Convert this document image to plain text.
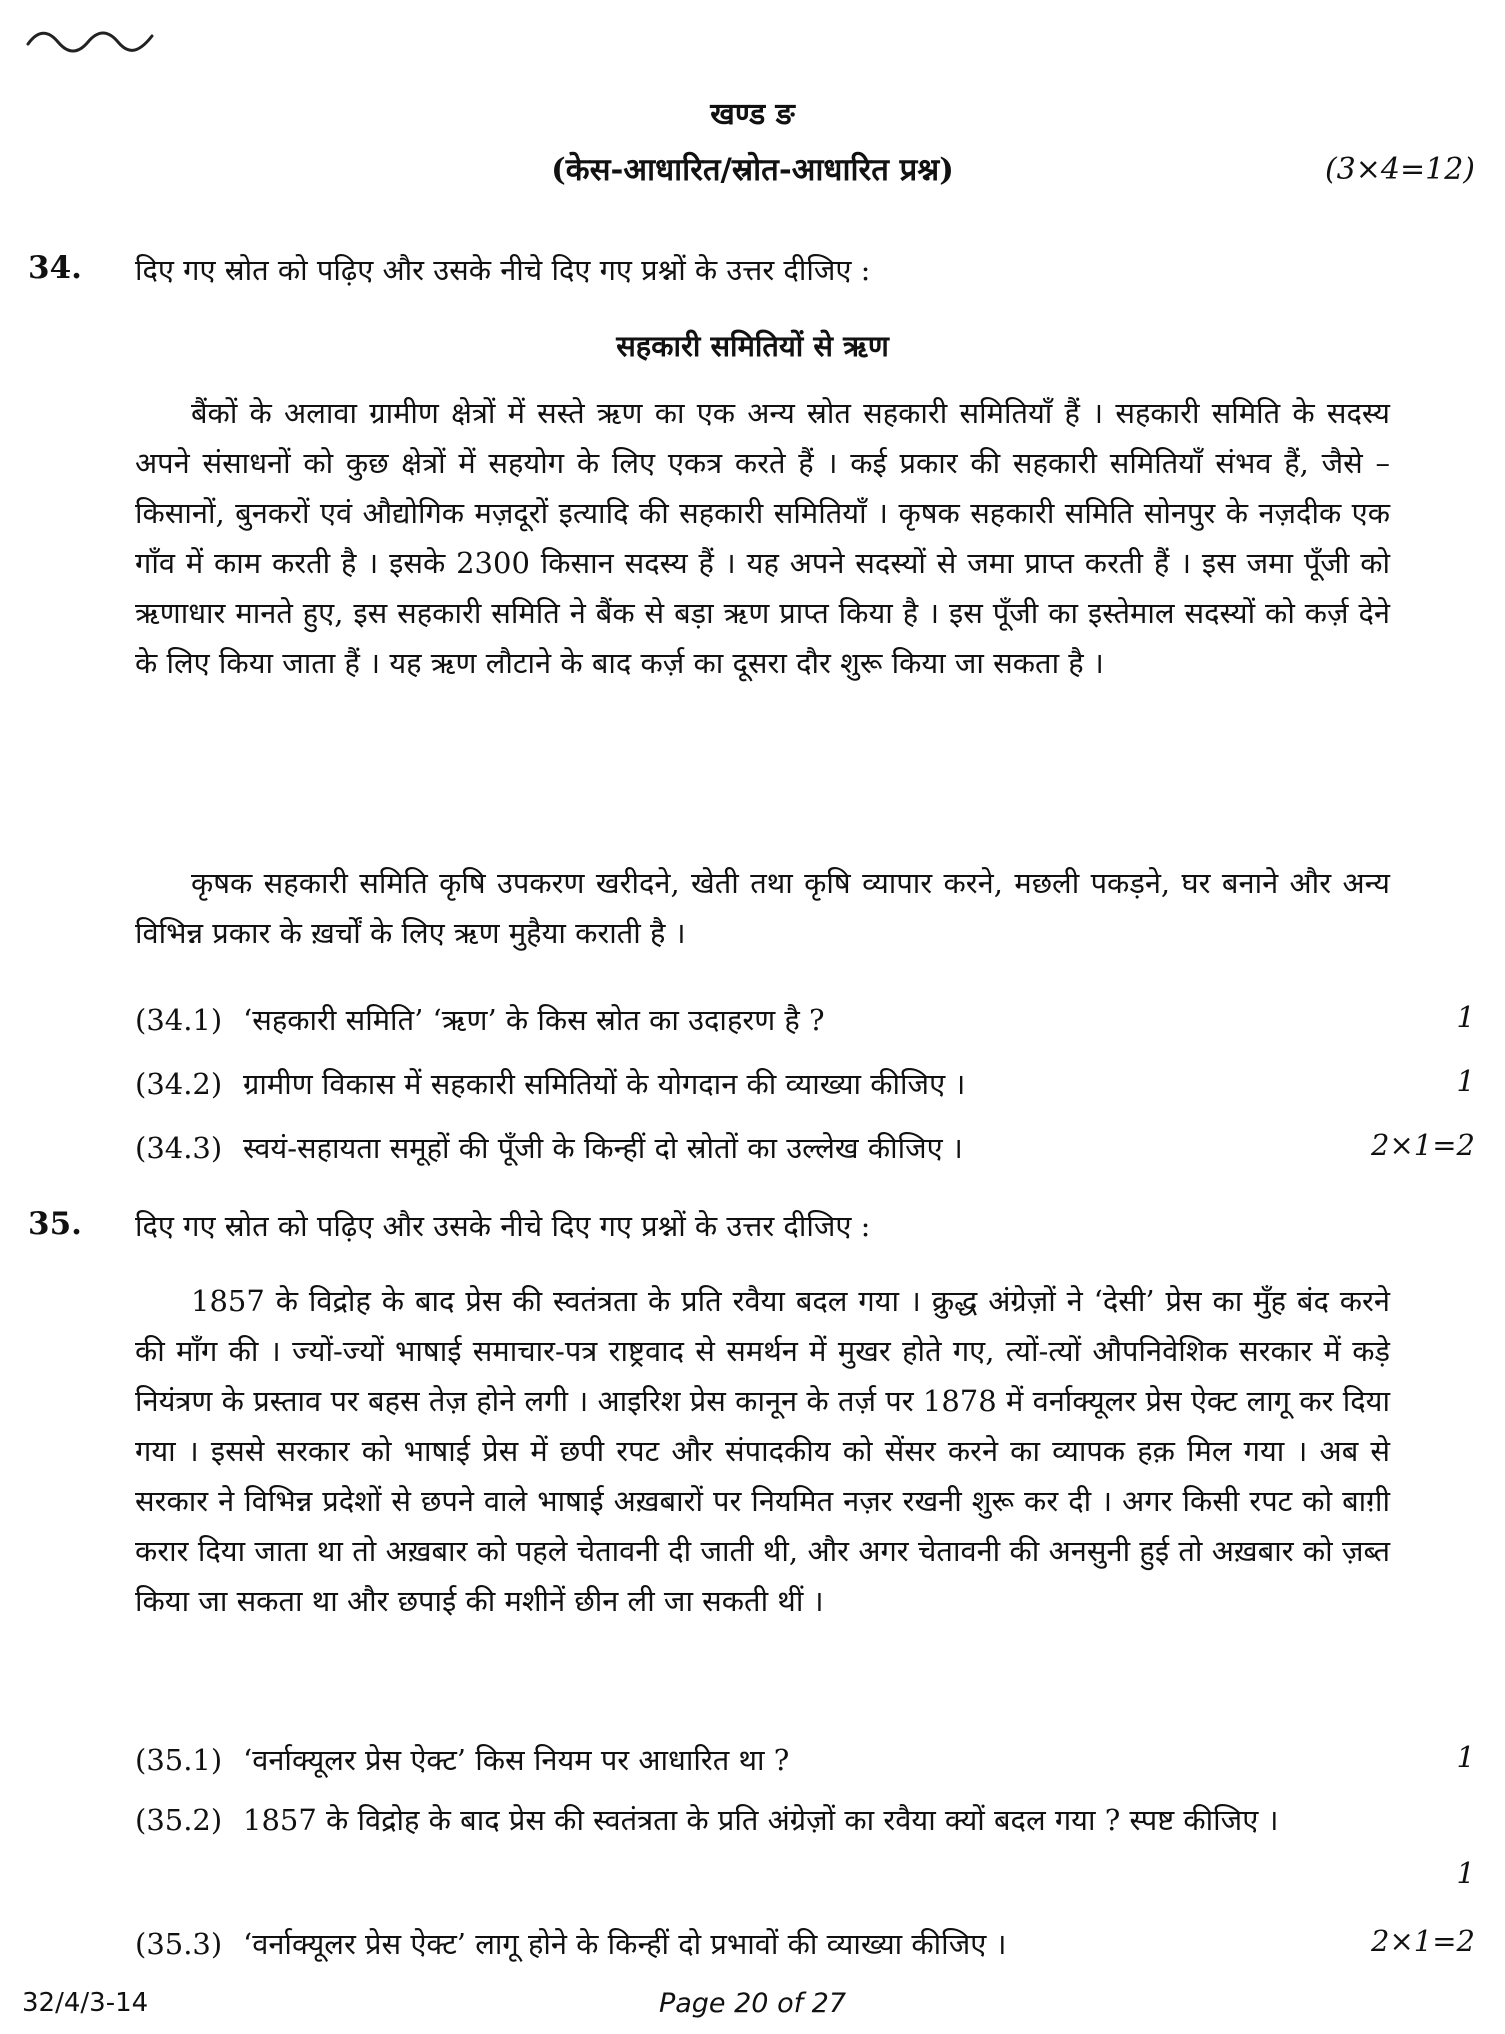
खण्ड ङ
(केस-आधारित/स्रोत-आधारित प्रश्न)	(3×4=12)
34. दिए गए स्रोत को पढ़िए और उसके नीचे दिए गए प्रश्नों के उत्तर दीजिए :
सहकारी समितियों से ऋण

बैंकों के अलावा ग्रामीण क्षेत्रों में सस्ते ऋण का एक अन्य स्रोत सहकारी समितियाँ हैं । सहकारी समिति के सदस्य अपने संसाधनों को कुछ क्षेत्रों में सहयोग के लिए एकत्र करते हैं । कई प्रकार की सहकारी समितियाँ संभव हैं, जैसे – किसानों, बुनकरों एवं औद्योगिक मज़दूरों इत्यादि की सहकारी समितियाँ । कृषक सहकारी समिति सोनपुर के नज़दीक एक गाँव में काम करती है । इसके 2300 किसान सदस्य हैं । यह अपने सदस्यों से जमा प्राप्त करती हैं । इस जमा पूँजी को ऋणाधार मानते हुए, इस सहकारी समिति ने बैंक से बड़ा ऋण प्राप्त किया है । इस पूँजी का इस्तेमाल सदस्यों को कर्ज़ देने के लिए किया जाता हैं । यह ऋण लौटाने के बाद कर्ज़ का दूसरा दौर शुरू किया जा सकता है ।

कृषक सहकारी समिति कृषि उपकरण खरीदने, खेती तथा कृषि व्यापार करने, मछली पकड़ने, घर बनाने और अन्य विभिन्न प्रकार के ख़र्चों के लिए ऋण मुहैया कराती है ।

(34.1) ‘सहकारी समिति’ ‘ऋण’ के किस स्रोत का उदाहरण है ?	1
(34.2) ग्रामीण विकास में सहकारी समितियों के योगदान की व्याख्या कीजिए ।	1
(34.3) स्वयं-सहायता समूहों की पूँजी के किन्हीं दो स्रोतों का उल्लेख कीजिए ।	2×1=2
35. दिए गए स्रोत को पढ़िए और उसके नीचे दिए गए प्रश्नों के उत्तर दीजिए :

1857 के विद्रोह के बाद प्रेस की स्वतंत्रता के प्रति रवैया बदल गया । क्रुद्ध अंग्रेज़ों ने ‘देसी’ प्रेस का मुँह बंद करने की माँग की । ज्यों-ज्यों भाषाई समाचार-पत्र राष्ट्रवाद से समर्थन में मुखर होते गए, त्यों-त्यों औपनिवेशिक सरकार में कड़े नियंत्रण के प्रस्ताव पर बहस तेज़ होने लगी । आइरिश प्रेस कानून के तर्ज़ पर 1878 में वर्नाक्यूलर प्रेस ऐक्ट लागू कर दिया गया । इससे सरकार को भाषाई प्रेस में छपी रपट और संपादकीय को सेंसर करने का व्यापक हक़ मिल गया । अब से सरकार ने विभिन्न प्रदेशों से छपने वाले भाषाई अख़बारों पर नियमित नज़र रखनी शुरू कर दी । अगर किसी रपट को बाग़ी करार दिया जाता था तो अख़बार को पहले चेतावनी दी जाती थी, और अगर चेतावनी की अनसुनी हुई तो अख़बार को ज़ब्त किया जा सकता था और छपाई की मशीनें छीन ली जा सकती थीं ।

(35.1) ‘वर्नाक्यूलर प्रेस ऐक्ट’ किस नियम पर आधारित था ?	1
(35.2) 1857 के विद्रोह के बाद प्रेस की स्वतंत्रता के प्रति अंग्रेज़ों का रवैया क्यों बदल गया ? स्पष्ट कीजिए ।
1
(35.3) ‘वर्नाक्यूलर प्रेस ऐक्ट’ लागू होने के किन्हीं दो प्रभावों की व्याख्या कीजिए ।	2×1=2
32/4/3-14	Page 20 of 27
